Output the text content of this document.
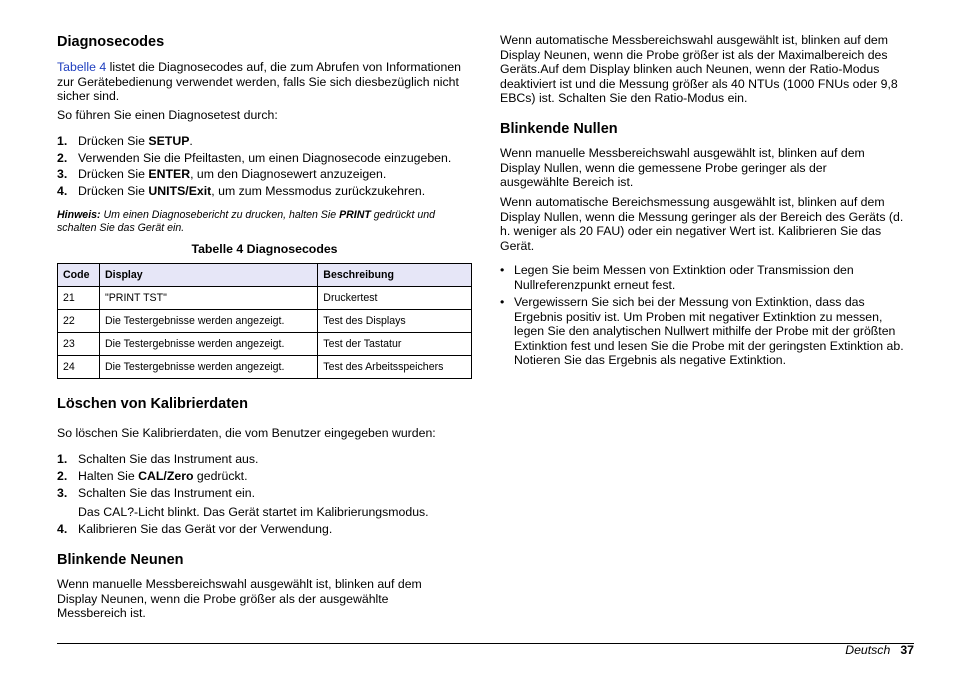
Diagnosecodes

Tabelle 4 listet die Diagnosecodes auf, die zum Abrufen von Informationen zur Gerätebedienung verwendet werden, falls Sie sich diesbezüglich nicht sicher sind.

So führen Sie einen Diagnosetest durch:

1. Drücken Sie SETUP.
2. Verwenden Sie die Pfeiltasten, um einen Diagnosecode einzugeben.
3. Drücken Sie ENTER, um den Diagnosewert anzuzeigen.
4. Drücken Sie UNITS/Exit, um zum Messmodus zurückzukehren.
Hinweis: Um einen Diagnosebericht zu drucken, halten Sie PRINT gedrückt und schalten Sie das Gerät ein.
Tabelle 4 Diagnosecodes
Code	Display	Beschreibung
21	"PRINT TST"	Druckertest
22	Die Testergebnisse werden angezeigt.	Test des Displays
23	Die Testergebnisse werden angezeigt.	Test der Tastatur
24	Die Testergebnisse werden angezeigt.	Test des Arbeitsspeichers
Löschen von Kalibrierdaten

So löschen Sie Kalibrierdaten, die vom Benutzer eingegeben wurden:

1. Schalten Sie das Instrument aus.
2. Halten Sie CAL/Zero gedrückt.
3. Schalten Sie das Instrument ein.
Das CAL?-Licht blinkt. Das Gerät startet im Kalibrierungsmodus.
4. Kalibrieren Sie das Gerät vor der Verwendung.
Blinkende Neunen

Wenn manuelle Messbereichswahl ausgewählt ist, blinken auf dem Display Neunen, wenn die Probe größer als der ausgewählte Messbereich ist.

Wenn automatische Messbereichswahl ausgewählt ist, blinken auf dem Display Neunen, wenn die Probe größer ist als der Maximalbereich des Geräts.Auf dem Display blinken auch Neunen, wenn der Ratio-Modus deaktiviert ist und die Messung größer als 40 NTUs (1000 FNUs oder 9,8 EBCs) ist. Schalten Sie den Ratio-Modus ein.

Blinkende Nullen

Wenn manuelle Messbereichswahl ausgewählt ist, blinken auf dem Display Nullen, wenn die gemessene Probe geringer als der ausgewählte Bereich ist.

Wenn automatische Bereichsmessung ausgewählt ist, blinken auf dem Display Nullen, wenn die Messung geringer als der Bereich des Geräts (d. h. weniger als 20 FAU) oder ein negativer Wert ist. Kalibrieren Sie das Gerät.

• Legen Sie beim Messen von Extinktion oder Transmission den Nullreferenzpunkt erneut fest.
• Vergewissern Sie sich bei der Messung von Extinktion, dass das Ergebnis positiv ist. Um Proben mit negativer Extinktion zu messen, legen Sie den analytischen Nullwert mithilfe der Probe mit der größten Extinktion fest und lesen Sie die Probe mit der geringsten Extinktion ab. Notieren Sie das Ergebnis als negative Extinktion.
Deutsch 37
